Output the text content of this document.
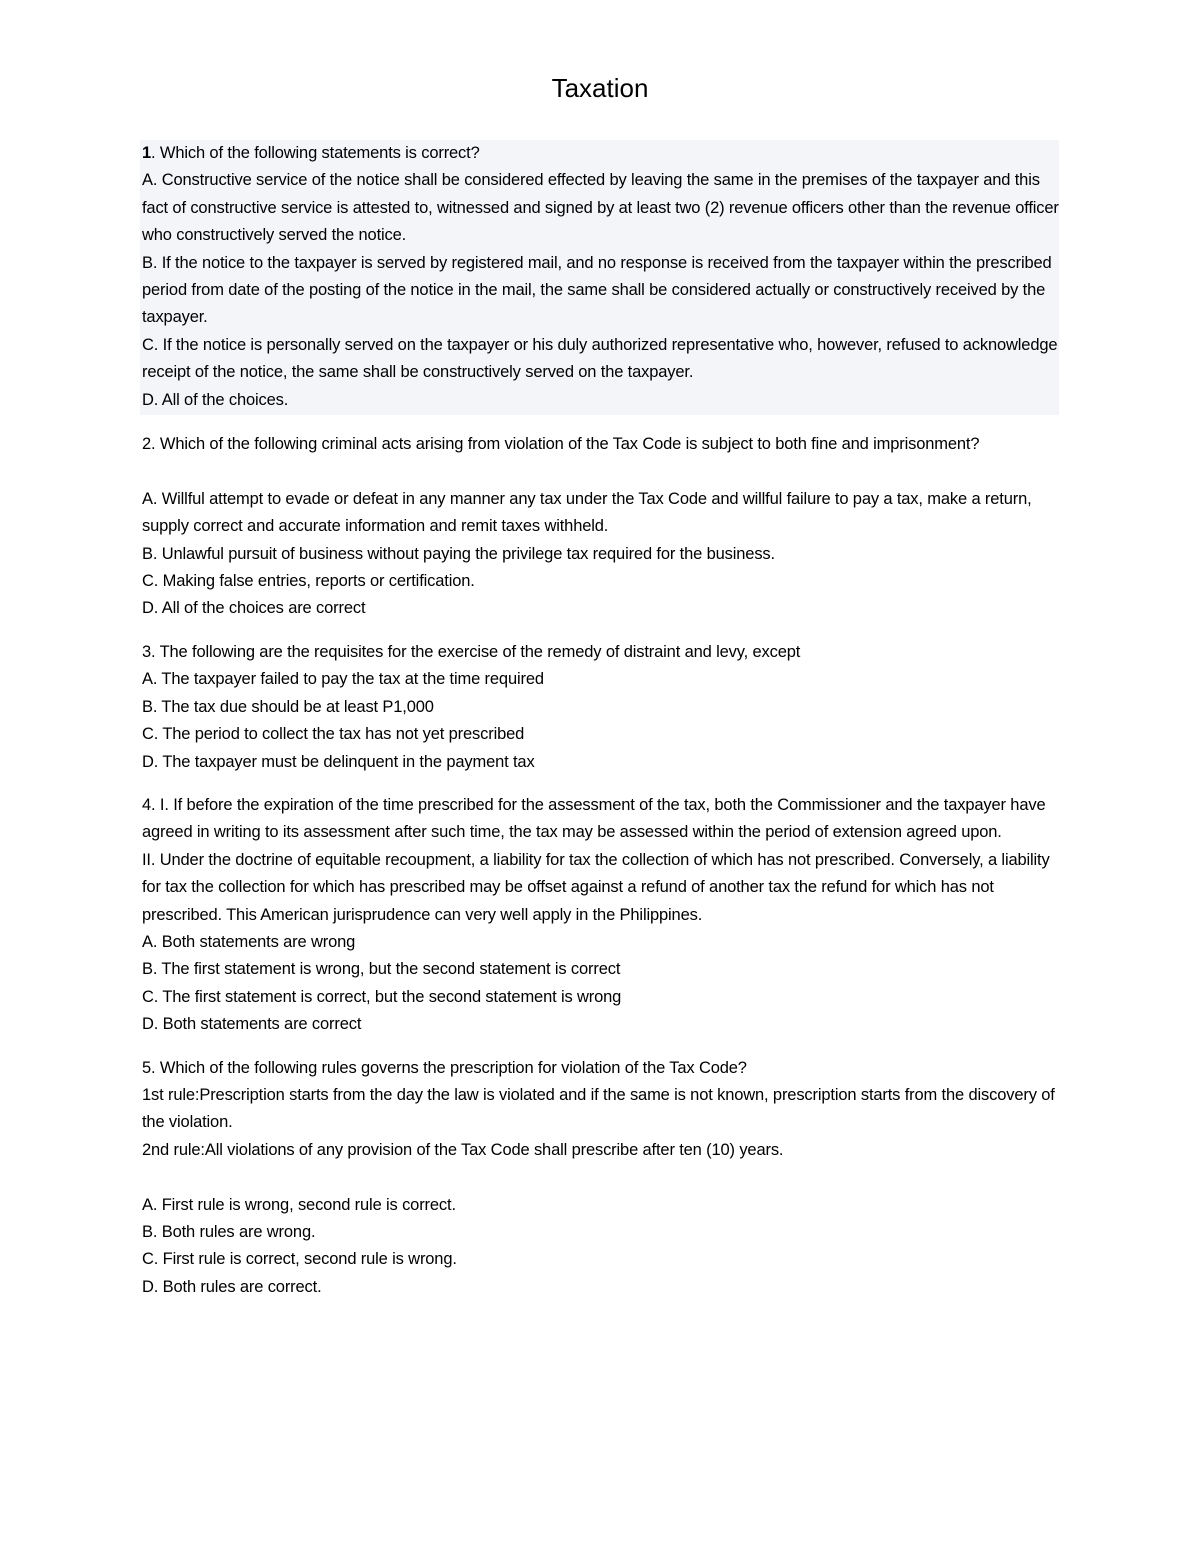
Taxation
1. Which of the following statements is correct?
A. Constructive service of the notice shall be considered effected by leaving the same in the premises of the taxpayer and this fact of constructive service is attested to, witnessed and signed by at least two (2) revenue officers other than the revenue officer who constructively served the notice.
B. If the notice to the taxpayer is served by registered mail, and no response is received from the taxpayer within the prescribed period from date of the posting of the notice in the mail, the same shall be considered actually or constructively received by the taxpayer.
C. If the notice is personally served on the taxpayer or his duly authorized representative who, however, refused to acknowledge receipt of the notice, the same shall be constructively served on the taxpayer.
D. All of the choices.
2. Which of the following criminal acts arising from violation of the Tax Code is subject to both fine and imprisonment?
A. Willful attempt to evade or defeat in any manner any tax under the Tax Code and willful failure to pay a tax, make a return, supply correct and accurate information and remit taxes withheld.
B. Unlawful pursuit of business without paying the privilege tax required for the business.
C. Making false entries, reports or certification.
D. All of the choices are correct
3. The following are the requisites for the exercise of the remedy of distraint and levy, except
A. The taxpayer failed to pay the tax at the time required
B. The tax due should be at least P1,000
C. The period to collect the tax has not yet prescribed
D. The taxpayer must be delinquent in the payment tax
4. I. If before the expiration of the time prescribed for the assessment of the tax, both the Commissioner and the taxpayer have agreed in writing to its assessment after such time, the tax may be assessed within the period of extension agreed upon.
II. Under the doctrine of equitable recoupment, a liability for tax the collection of which has not prescribed. Conversely, a liability for tax the collection for which has prescribed may be offset against a refund of another tax the refund for which has not prescribed. This American jurisprudence can very well apply in the Philippines.
A. Both statements are wrong
B. The first statement is wrong, but the second statement is correct
C. The first statement is correct, but the second statement is wrong
D. Both statements are correct
5. Which of the following rules governs the prescription for violation of the Tax Code?
1st rule:Prescription starts from the day the law is violated and if the same is not known, prescription starts from the discovery of the violation.
2nd rule:All violations of any provision of the Tax Code shall prescribe after ten (10) years.
A. First rule is wrong, second rule is correct.
B. Both rules are wrong.
C. First rule is correct, second rule is wrong.
D. Both rules are correct.
